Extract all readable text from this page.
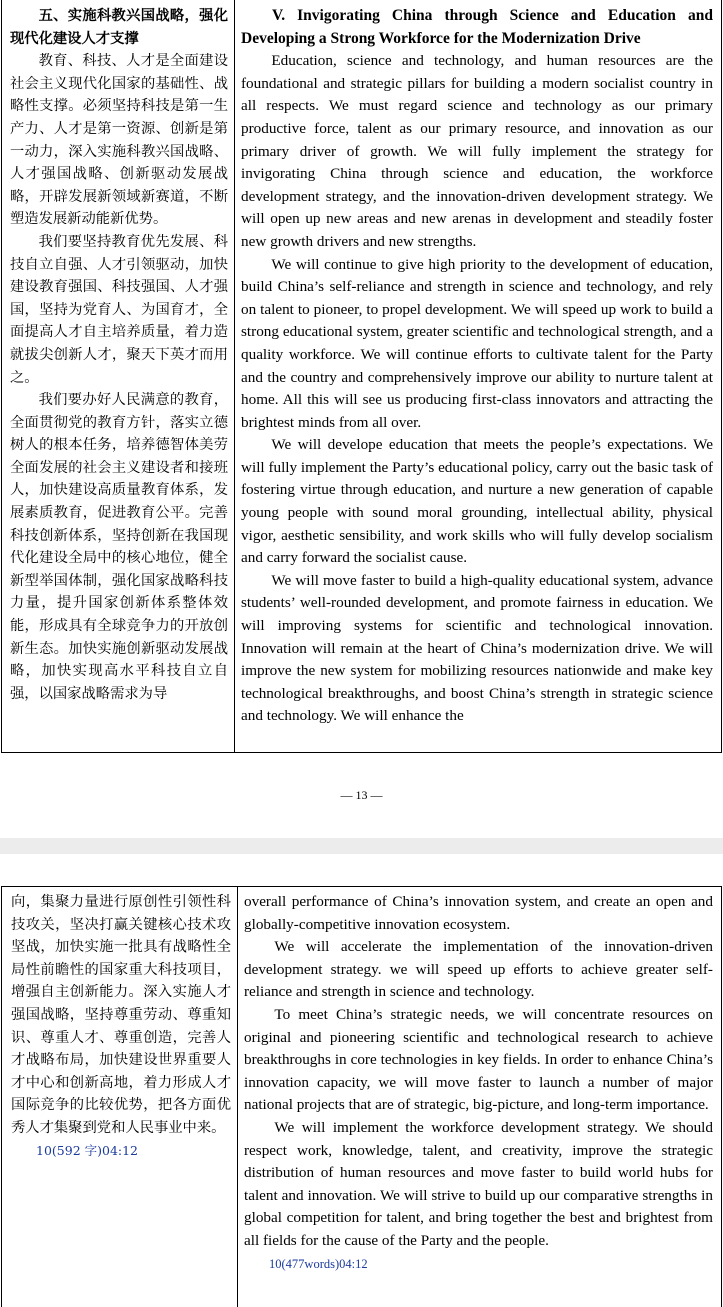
五、实施科教兴国战略，强化现代化建设人才支撑

教育、科技、人才是全面建设社会主义现代化国家的基础性、战略性支撑。必须坚持科技是第一生产力、人才是第一资源、创新是第一动力，深入实施科教兴国战略、人才强国战略、创新驱动发展战略，开辟发展新领域新赛道，不断塑造发展新动能新优势。

我们要坚持教育优先发展、科技自立自强、人才引领驱动，加快建设教育强国、科技强国、人才强国，坚持为党育人、为国育才，全面提高人才自主培养质量，着力造就拔尖创新人才，聚天下英才而用之。

我们要办好人民满意的教育，全面贯彻党的教育方针，落实立德树人的根本任务，培养德智体美劳全面发展的社会主义建设者和接班人，加快建设高质量教育体系，发展素质教育，促进教育公平。完善科技创新体系，坚持创新在我国现代化建设全局中的核心地位，健全新型举国体制，强化国家战略科技力量，提升国家创新体系整体效能，形成具有全球竞争力的开放创新生态。加快实施创新驱动发展战略，加快实现高水平科技自立自强，以国家战略需求为导

V. Invigorating China through Science and Education and Developing a Strong Workforce for the Modernization Drive

Education, science and technology, and human resources are the foundational and strategic pillars for building a modern socialist country in all respects. We must regard science and technology as our primary productive force, talent as our primary resource, and innovation as our primary driver of growth. We will fully implement the strategy for invigorating China through science and education, the workforce development strategy, and the innovation-driven development strategy. We will open up new areas and new arenas in development and steadily foster new growth drivers and new strengths.

We will continue to give high priority to the development of education, build China’s self-reliance and strength in science and technology, and rely on talent to pioneer, to propel development. We will speed up work to build a strong educational system, greater scientific and technological strength, and a quality workforce. We will continue efforts to cultivate talent for the Party and the country and comprehensively improve our ability to nurture talent at home. All this will see us producing first-class innovators and attracting the brightest minds from all over.

We will develope education that meets the people’s expectations. We will fully implement the Party’s educational policy, carry out the basic task of fostering virtue through education, and nurture a new generation of capable young people with sound moral grounding, intellectual ability, physical vigor, aesthetic sensibility, and work skills who will fully develop socialism and carry forward the socialist cause.

We will move faster to build a high-quality educational system, advance students’ well-rounded development, and promote fairness in education. We will improving systems for scientific and technological innovation. Innovation will remain at the heart of China’s modernization drive. We will improve the new system for mobilizing resources nationwide and make key technological breakthroughs, and boost China’s strength in strategic science and technology. We will enhance the

— 13 —

向，集聚力量进行原创性引领性科技攻关，坚决打赢关键核心技术攻坚战，加快实施一批具有战略性全局性前瞻性的国家重大科技项目，增强自主创新能力。深入实施人才强国战略，坚持尊重劳动、尊重知识、尊重人才、尊重创造，完善人才战略布局，加快建设世界重要人才中心和创新高地，着力形成人才国际竞争的比较优势，把各方面优秀人才集聚到党和人民事业中来。

10(592 字)04:12

overall performance of China’s innovation system, and create an open and globally-competitive innovation ecosystem.

We will accelerate the implementation of the innovation-driven development strategy. we will speed up efforts to achieve greater self-reliance and strength in science and technology.

To meet China’s strategic needs, we will concentrate resources on original and pioneering scientific and technological research to achieve breakthroughs in core technologies in key fields. In order to enhance China’s innovation capacity, we will move faster to launch a number of major national projects that are of strategic, big-picture, and long-term importance.

We will implement the workforce development strategy. We should respect work, knowledge, talent, and creativity, improve the strategic distribution of human resources and move faster to build world hubs for talent and innovation. We will strive to build up our comparative strengths in global competition for talent, and bring together the best and brightest from all fields for the cause of the Party and the people.

10(477words)04:12
